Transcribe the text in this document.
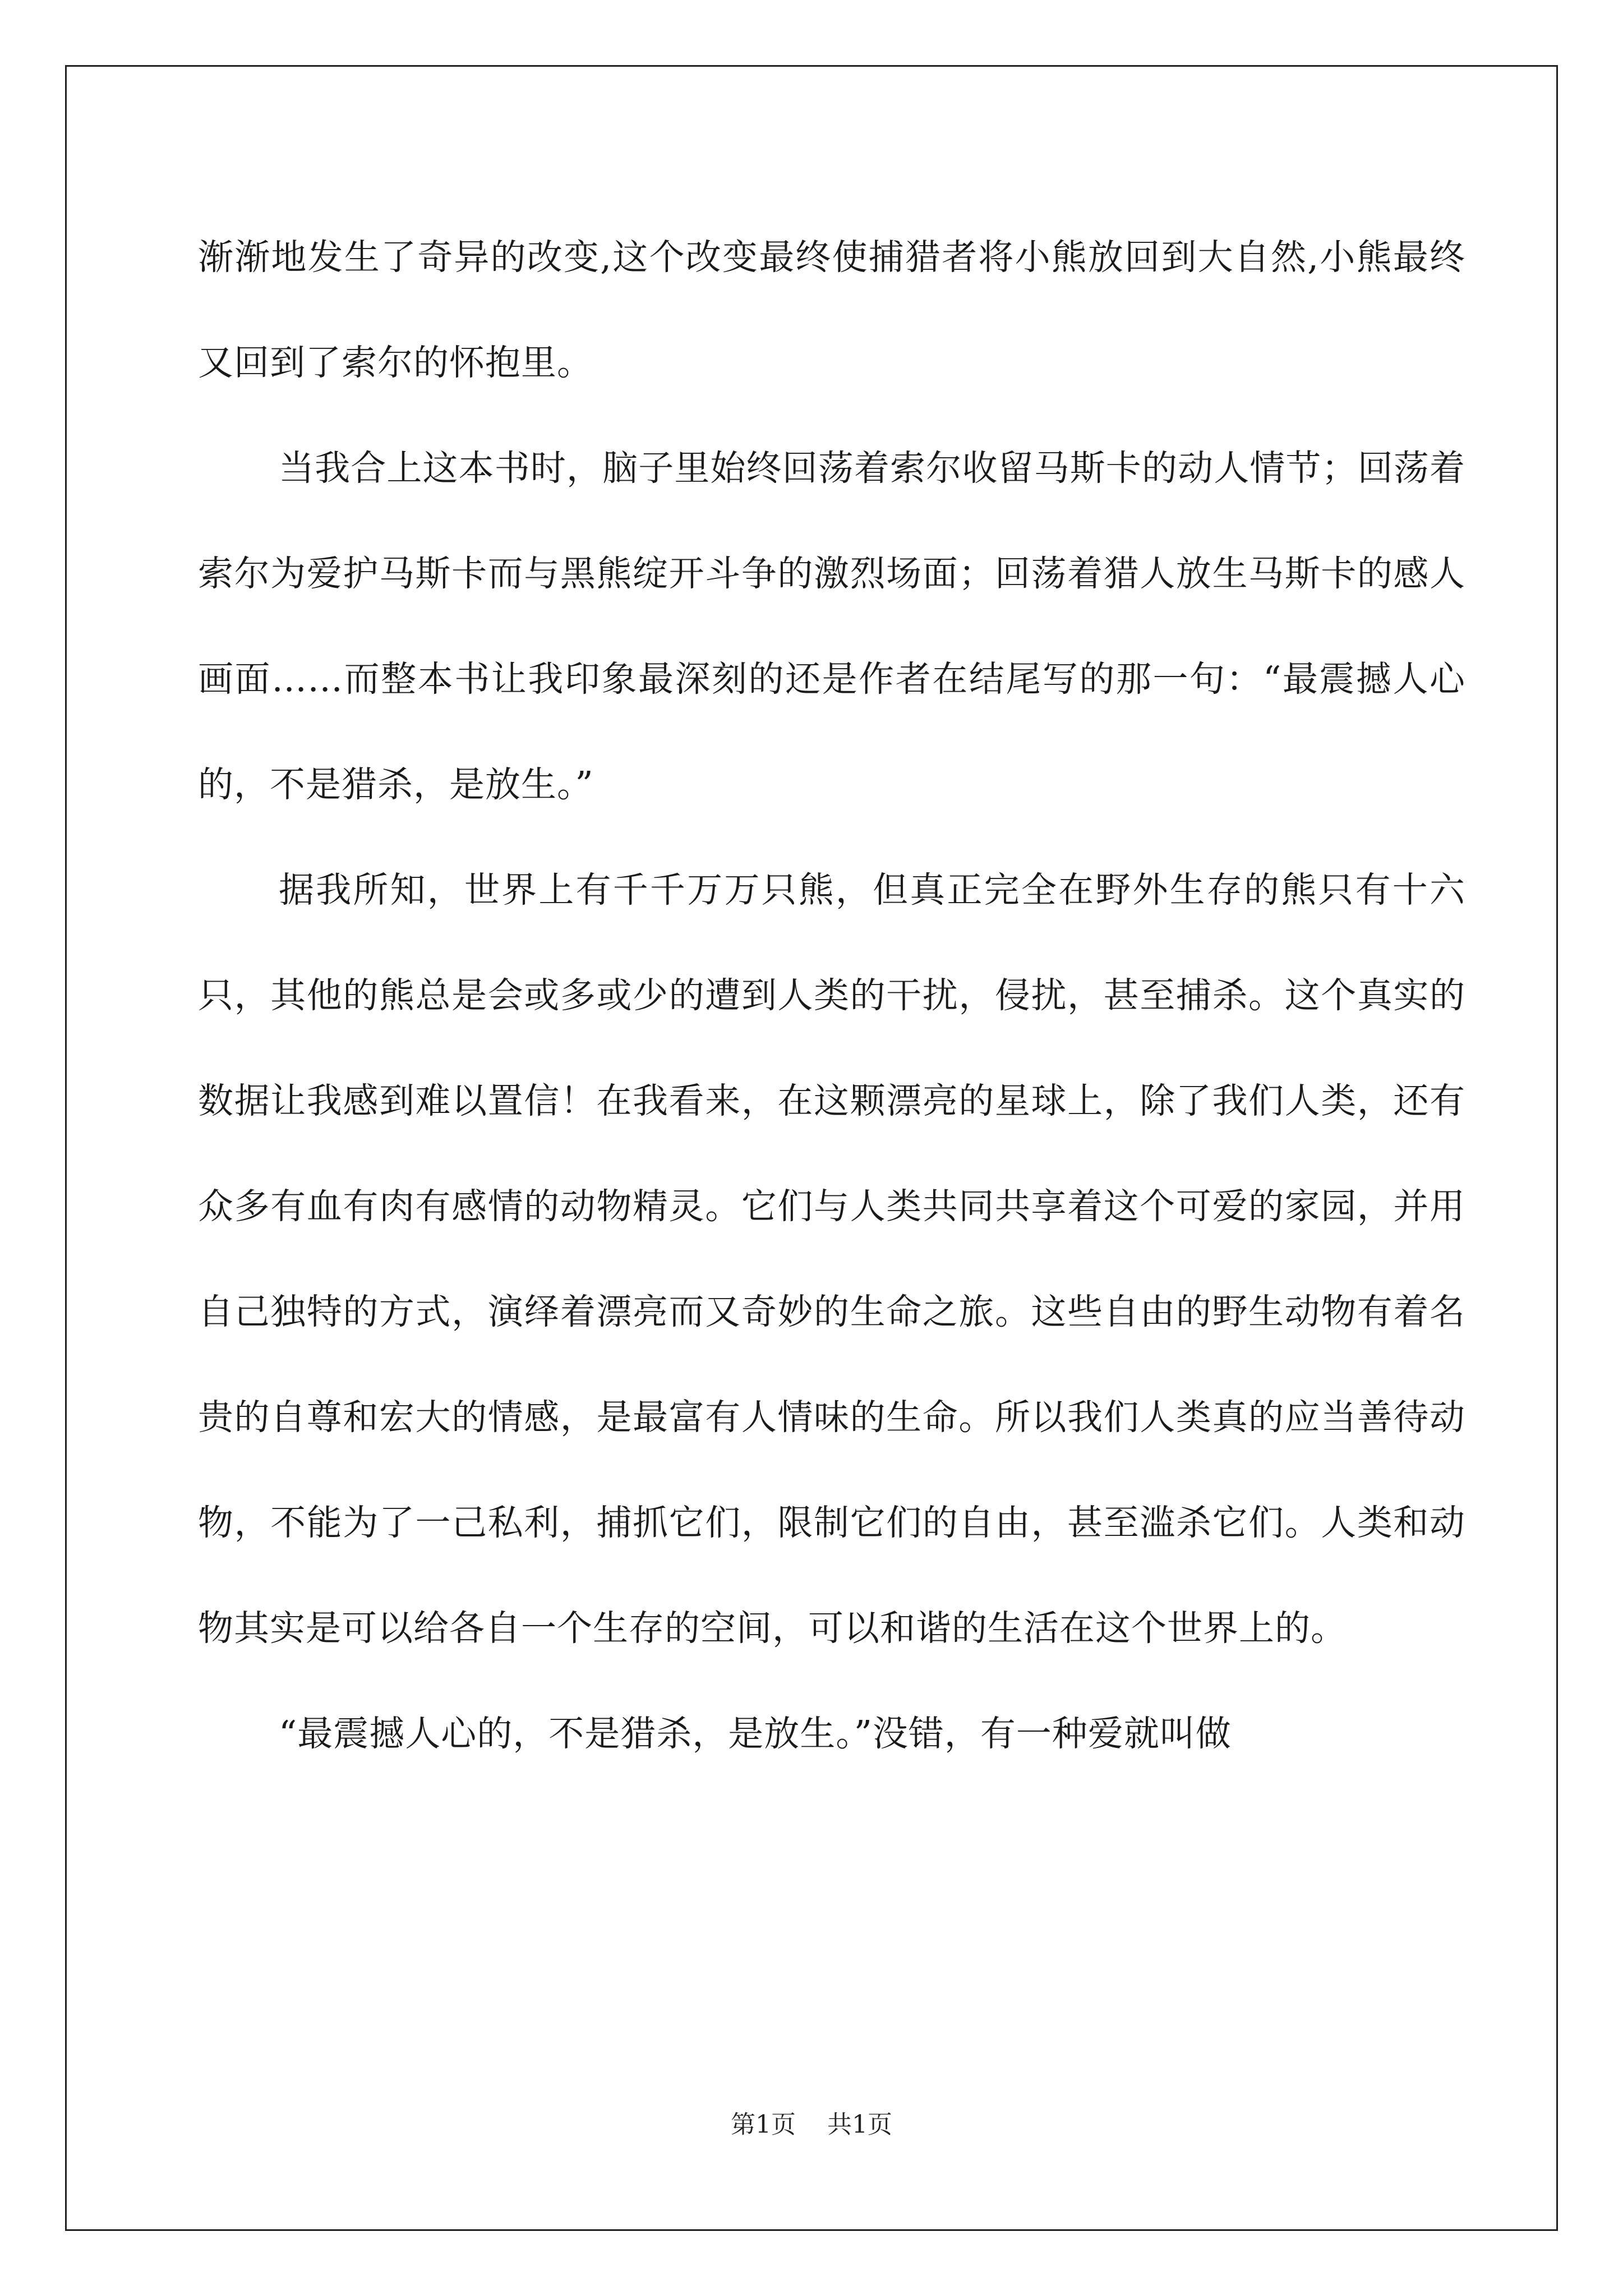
渐渐地发生了奇异的改变,这个改变最终使捕猎者将小熊放回到大自然,小熊最终又回到了索尔的怀抱里。

当我合上这本书时，脑子里始终回荡着索尔收留马斯卡的动人情节；回荡着索尔为爱护马斯卡而与黑熊绽开斗争的激烈场面；回荡着猎人放生马斯卡的感人画面……而整本书让我印象最深刻的还是作者在结尾写的那一句：“最震撼人心的，不是猎杀，是放生。”

据我所知，世界上有千千万万只熊，但真正完全在野外生存的熊只有十六只，其他的熊总是会或多或少的遭到人类的干扰，侵扰，甚至捕杀。这个真实的数据让我感到难以置信！在我看来，在这颗漂亮的星球上，除了我们人类，还有众多有血有肉有感情的动物精灵。它们与人类共同共享着这个可爱的家园，并用自己独特的方式，演绎着漂亮而又奇妙的生命之旅。这些自由的野生动物有着名贵的自尊和宏大的情感，是最富有人情味的生命。所以我们人类真的应当善待动物，不能为了一己私利，捕抓它们，限制它们的自由，甚至滥杀它们。人类和动物其实是可以给各自一个生存的空间，可以和谐的生活在这个世界上的。

“最震撼人心的，不是猎杀，是放生。”没错，有一种爱就叫做

第1页 共1页
